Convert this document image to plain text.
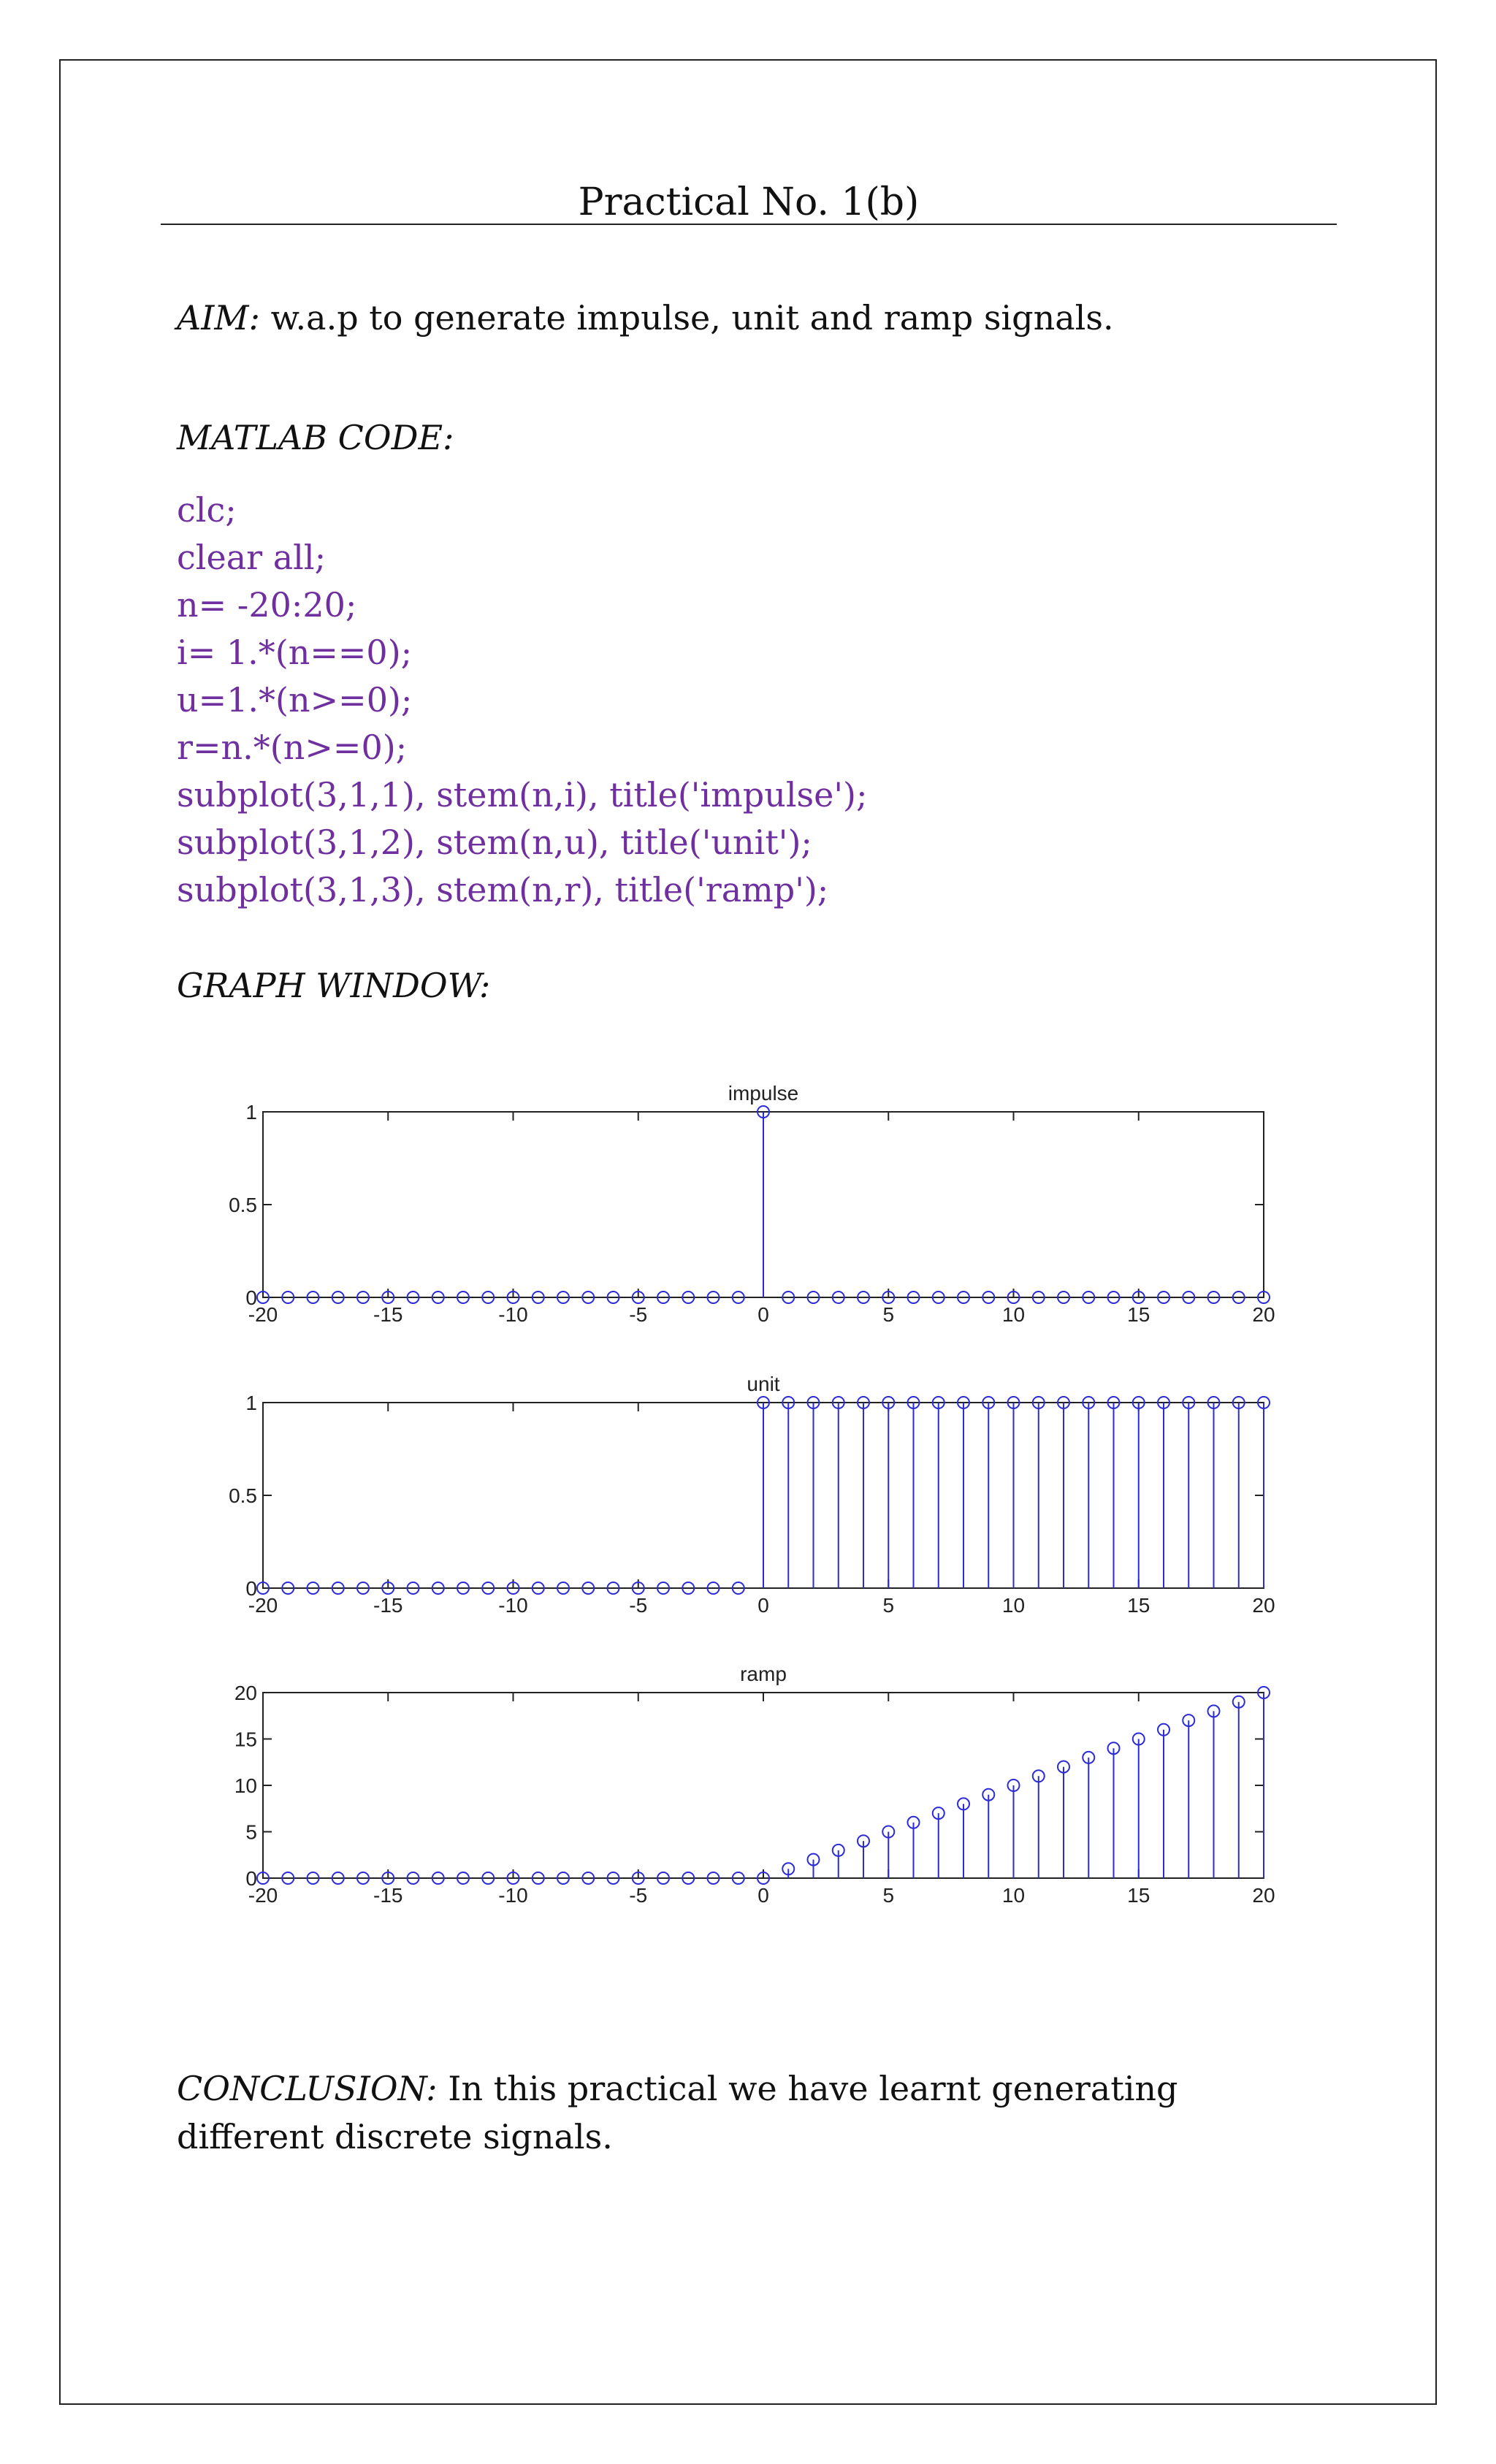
Practical No. 1(b)

AIM: w.a.p to generate impulse, unit and ramp signals.

MATLAB CODE:

clc;
clear all;
n= -20:20;
i= 1.*(n==0);
u=1.*(n>=0);
r=n.*(n>=0);
subplot(3,1,1), stem(n,i), title('impulse');
subplot(3,1,2), stem(n,u), title('unit');
subplot(3,1,3), stem(n,r), title('ramp');

GRAPH WINDOW:

impulse
-20	-15	-10	-5	0	5	10	15	20
0
0.5
1
unit
-20	-15	-10	-5	0	5	10	15	20
0
0.5
1
ramp
-20	-15	-10	-5	0	5	10	15	20
0
5
10
15
20

CONCLUSION: In this practical we have learnt generating different discrete signals.
